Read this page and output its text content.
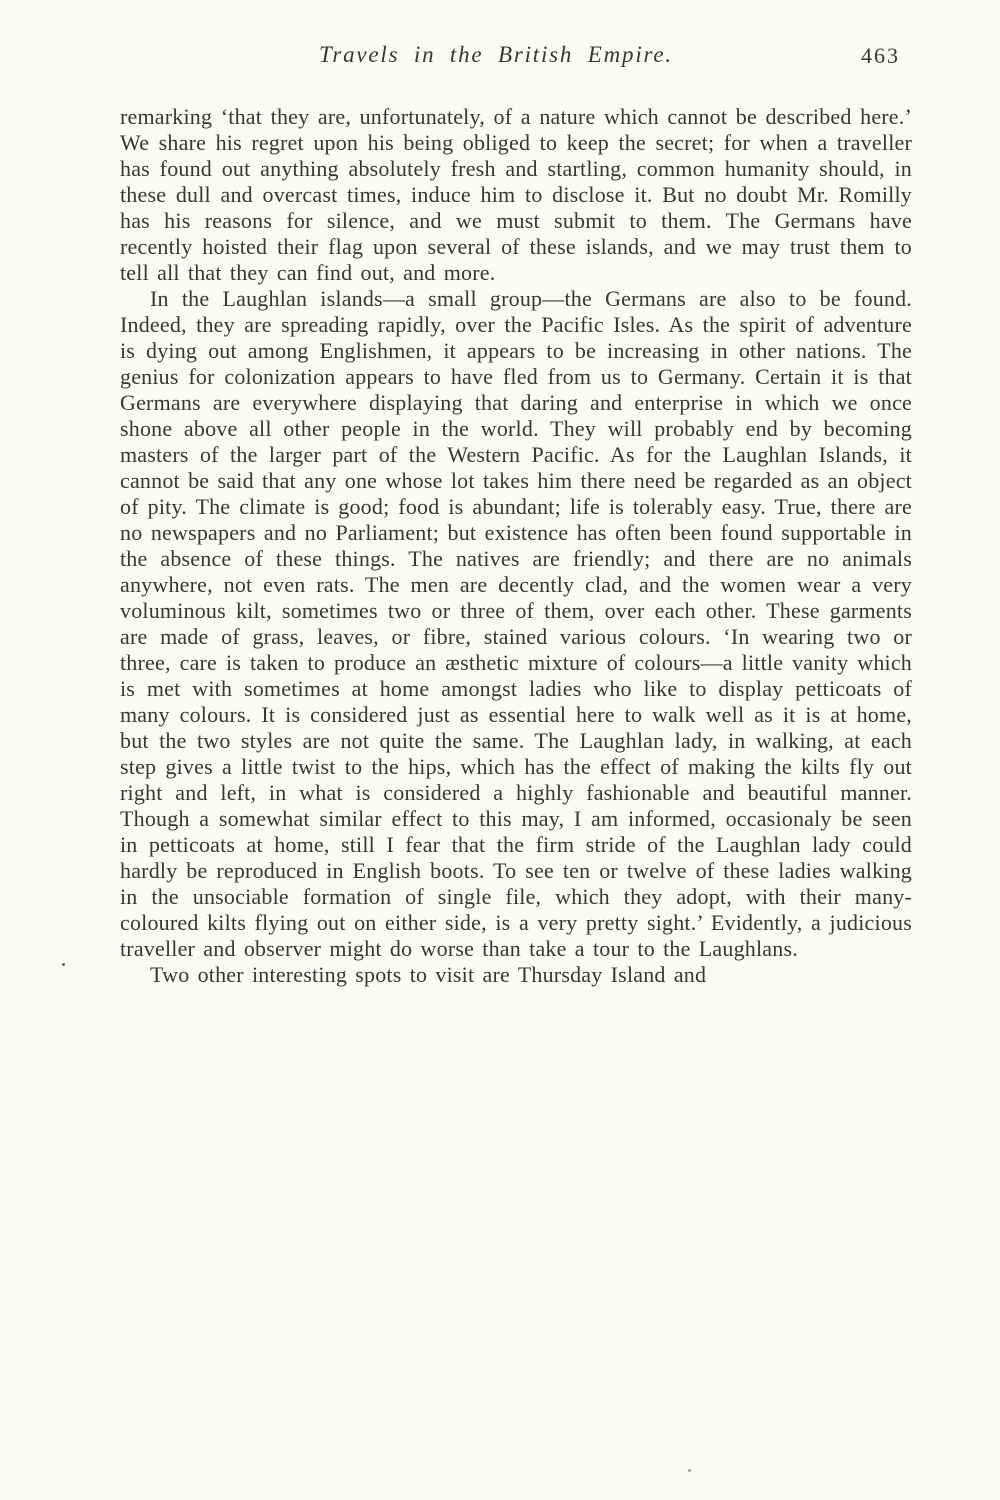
Travels in the British Empire.	463

remarking ‘that they are, unfortunately, of a nature which cannot be described here.’ We share his regret upon his being obliged to keep the secret; for when a traveller has found out anything absolutely fresh and startling, common humanity should, in these dull and overcast times, induce him to disclose it. But no doubt Mr. Romilly has his reasons for silence, and we must submit to them. The Germans have recently hoisted their flag upon several of these islands, and we may trust them to tell all that they can find out, and more.

In the Laughlan islands—a small group—the Germans are also to be found. Indeed, they are spreading rapidly, over the Pacific Isles. As the spirit of adventure is dying out among Englishmen, it appears to be increasing in other nations. The genius for colonization appears to have fled from us to Germany. Certain it is that Germans are everywhere displaying that daring and enterprise in which we once shone above all other people in the world. They will probably end by becoming masters of the larger part of the Western Pacific. As for the Laughlan Islands, it cannot be said that any one whose lot takes him there need be regarded as an object of pity. The climate is good; food is abundant; life is tolerably easy. True, there are no newspapers and no Parliament; but existence has often been found supportable in the absence of these things. The natives are friendly; and there are no animals anywhere, not even rats. The men are decently clad, and the women wear a very voluminous kilt, sometimes two or three of them, over each other. These garments are made of grass, leaves, or fibre, stained various colours. ‘In wearing two or three, care is taken to produce an æsthetic mixture of colours—a little vanity which is met with sometimes at home amongst ladies who like to display petticoats of many colours. It is considered just as essential here to walk well as it is at home, but the two styles are not quite the same. The Laughlan lady, in walking, at each step gives a little twist to the hips, which has the effect of making the kilts fly out right and left, in what is considered a highly fashionable and beautiful manner. Though a somewhat similar effect to this may, I am informed, occasionaly be seen in petticoats at home, still I fear that the firm stride of the Laughlan lady could hardly be reproduced in English boots. To see ten or twelve of these ladies walking in the unsociable formation of single file, which they adopt, with their many-coloured kilts flying out on either side, is a very pretty sight.’ Evidently, a judicious traveller and observer might do worse than take a tour to the Laughlans.

Two other interesting spots to visit are Thursday Island and
